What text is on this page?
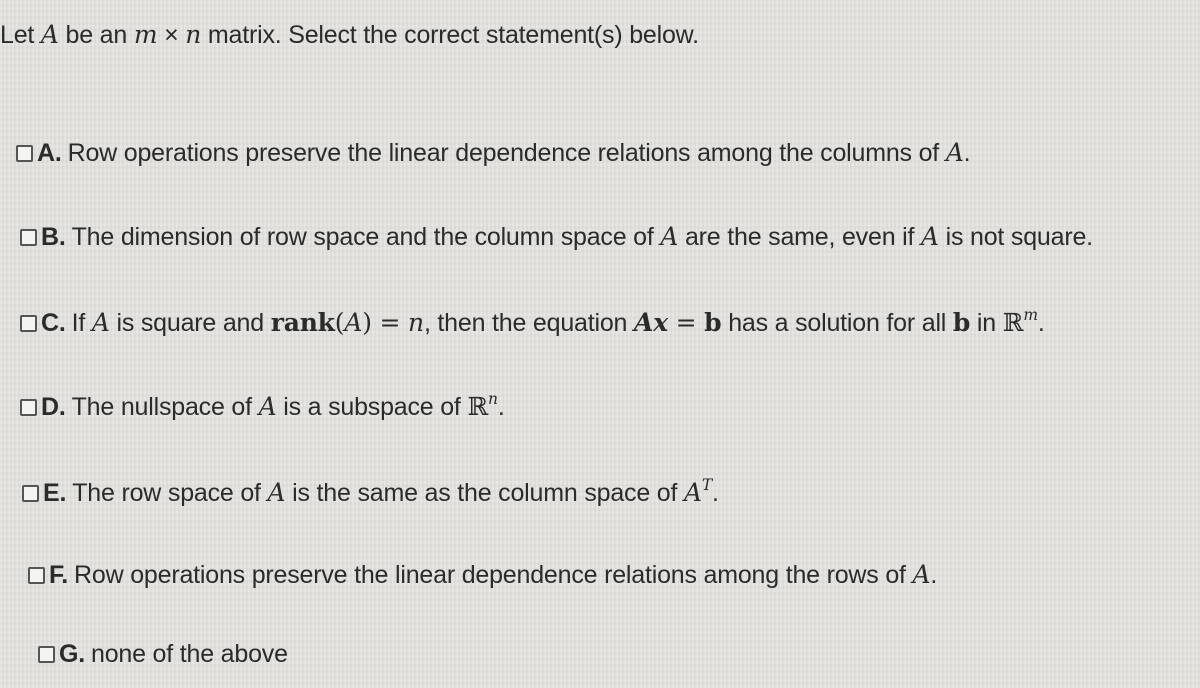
Let A be an m × n matrix. Select the correct statement(s) below.
A. Row operations preserve the linear dependence relations among the columns of A.
B. The dimension of row space and the column space of A are the same, even if A is not square.
C. If A is square and rank(A) = n, then the equation Ax = b has a solution for all b in ℝ$^m$.
D. The nullspace of A is a subspace of ℝ$^n$.
E. The row space of A is the same as the column space of $A^T$.
F. Row operations preserve the linear dependence relations among the rows of A.
G. none of the above
